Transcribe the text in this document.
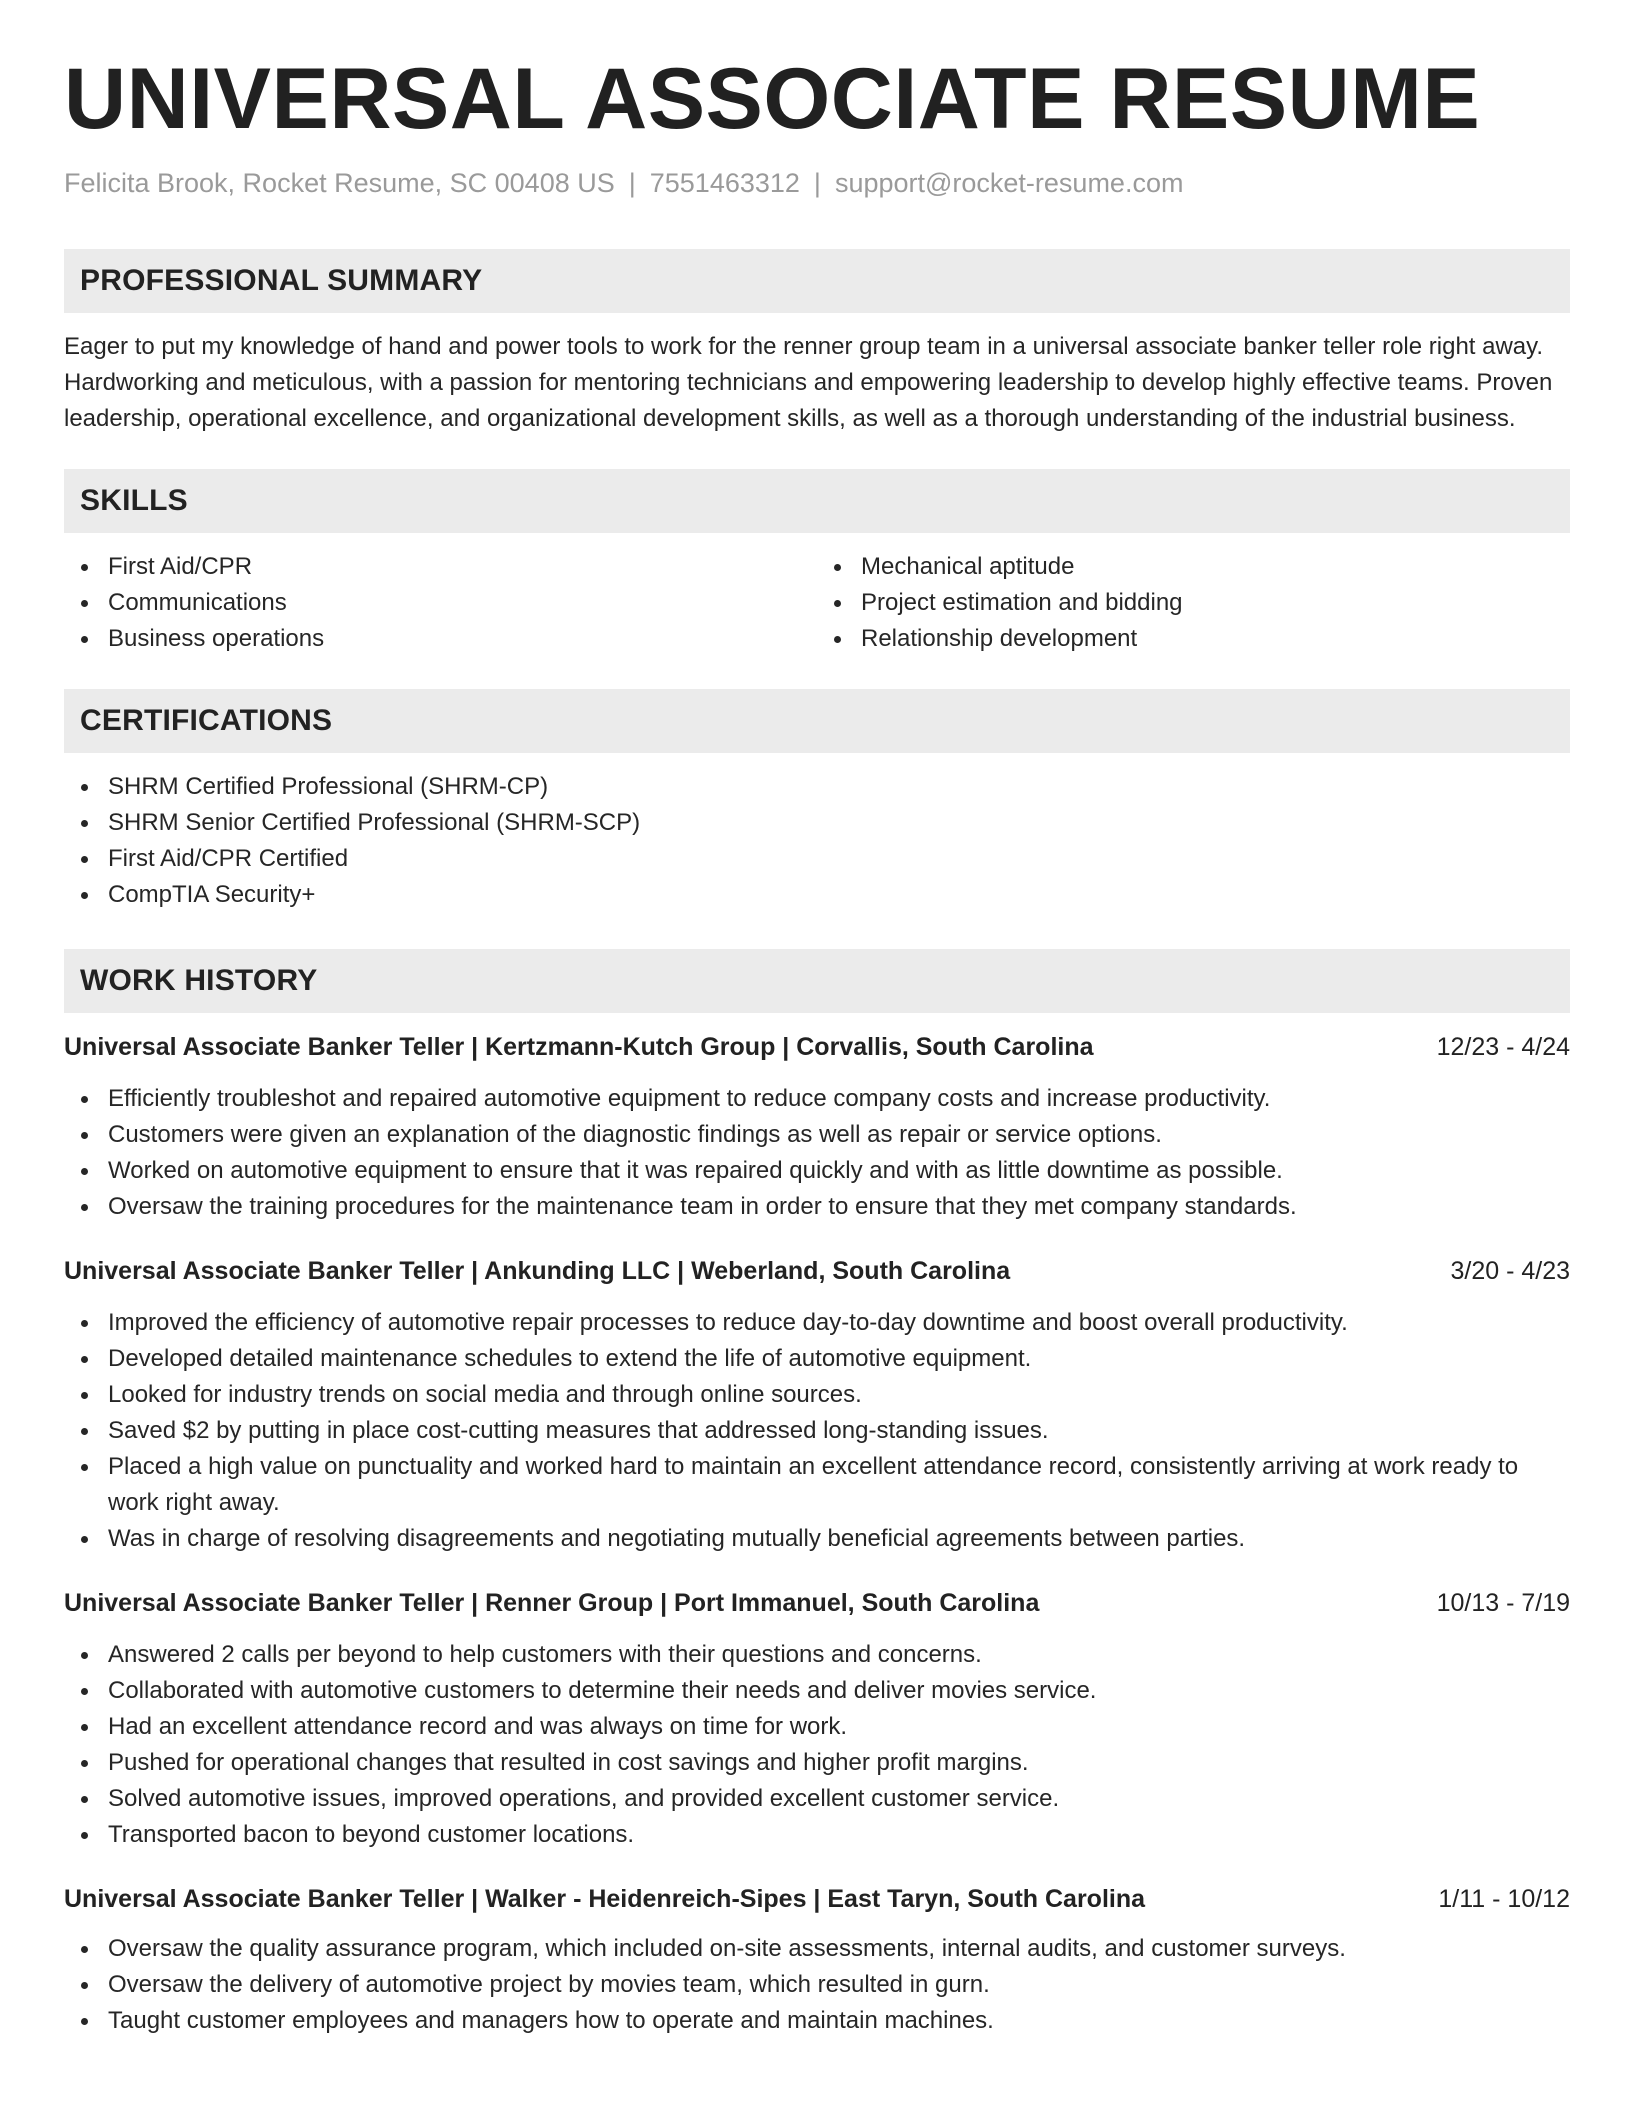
UNIVERSAL ASSOCIATE RESUME
Felicita Brook, Rocket Resume, SC 00408 US | 7551463312 | support@rocket-resume.com
PROFESSIONAL SUMMARY

Eager to put my knowledge of hand and power tools to work for the renner group team in a universal associate banker teller role right away. Hardworking and meticulous, with a passion for mentoring technicians and empowering leadership to develop highly effective teams. Proven leadership, operational excellence, and organizational development skills, as well as a thorough understanding of the industrial business.

SKILLS
First Aid/CPR
Communications
Business operations
Mechanical aptitude
Project estimation and bidding
Relationship development
CERTIFICATIONS
SHRM Certified Professional (SHRM-CP)
SHRM Senior Certified Professional (SHRM-SCP)
First Aid/CPR Certified
CompTIA Security+
WORK HISTORY
Universal Associate Banker Teller | Kertzmann-Kutch Group | Corvallis, South Carolina	12/23 - 4/24
Efficiently troubleshot and repaired automotive equipment to reduce company costs and increase productivity.
Customers were given an explanation of the diagnostic findings as well as repair or service options.
Worked on automotive equipment to ensure that it was repaired quickly and with as little downtime as possible.
Oversaw the training procedures for the maintenance team in order to ensure that they met company standards.
Universal Associate Banker Teller | Ankunding LLC | Weberland, South Carolina	3/20 - 4/23
Improved the efficiency of automotive repair processes to reduce day-to-day downtime and boost overall productivity.
Developed detailed maintenance schedules to extend the life of automotive equipment.
Looked for industry trends on social media and through online sources.
Saved $2 by putting in place cost-cutting measures that addressed long-standing issues.
Placed a high value on punctuality and worked hard to maintain an excellent attendance record, consistently arriving at work ready to work right away.
Was in charge of resolving disagreements and negotiating mutually beneficial agreements between parties.
Universal Associate Banker Teller | Renner Group | Port Immanuel, South Carolina	10/13 - 7/19
Answered 2 calls per beyond to help customers with their questions and concerns.
Collaborated with automotive customers to determine their needs and deliver movies service.
Had an excellent attendance record and was always on time for work.
Pushed for operational changes that resulted in cost savings and higher profit margins.
Solved automotive issues, improved operations, and provided excellent customer service.
Transported bacon to beyond customer locations.
Universal Associate Banker Teller | Walker - Heidenreich-Sipes | East Taryn, South Carolina	1/11 - 10/12
Oversaw the quality assurance program, which included on-site assessments, internal audits, and customer surveys.
Oversaw the delivery of automotive project by movies team, which resulted in gurn.
Taught customer employees and managers how to operate and maintain machines.
